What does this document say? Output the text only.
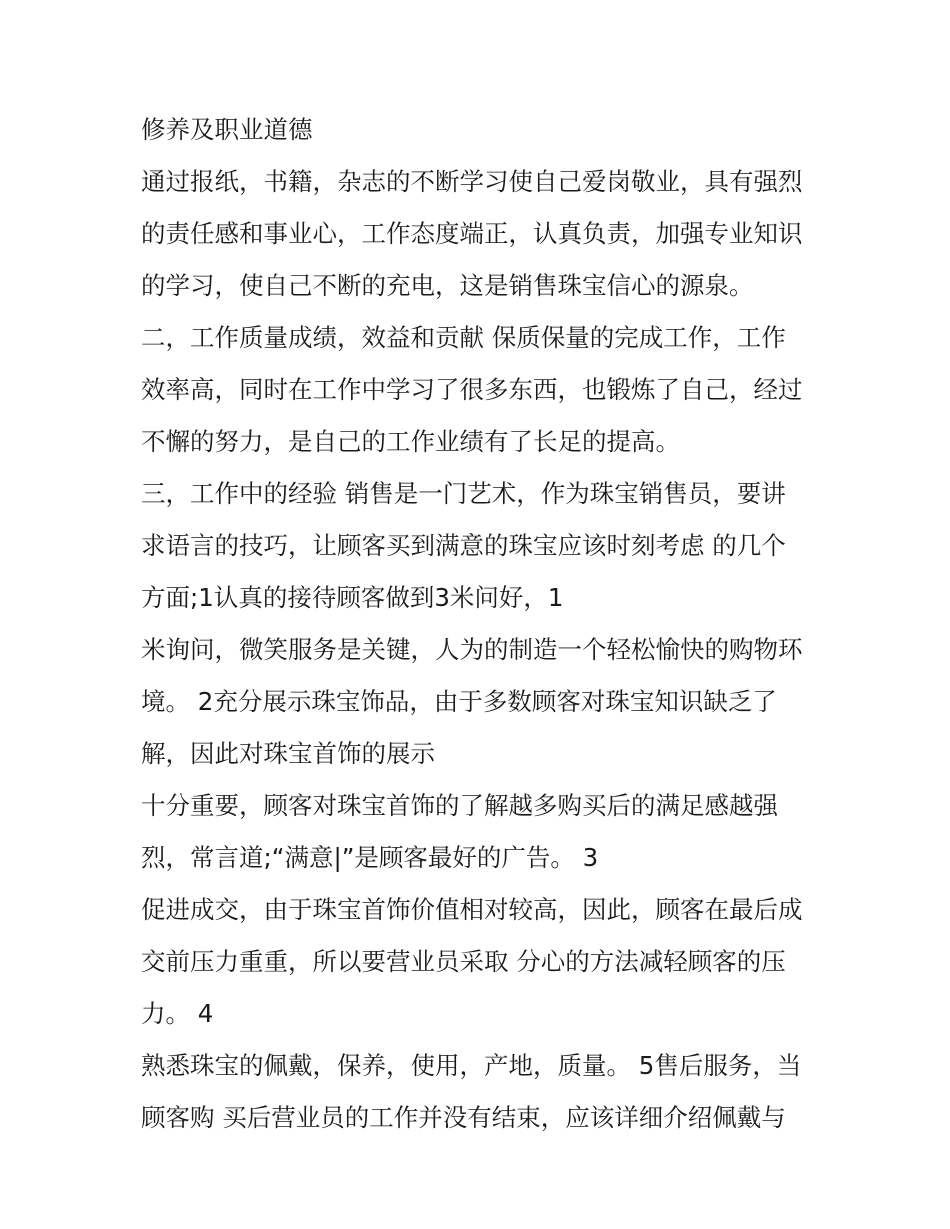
修养及职业道德
通过报纸，书籍，杂志的不断学习使自己爱岗敬业，具有强烈
的责任感和事业心，工作态度端正，认真负责，加强专业知识
的学习，使自己不断的充电，这是销售珠宝信心的源泉。
二，工作质量成绩，效益和贡献 保质保量的完成工作，工作
效率高，同时在工作中学习了很多东西，也锻炼了自己，经过
不懈的努力，是自己的工作业绩有了长足的提高。
三，工作中的经验 销售是一门艺术，作为珠宝销售员，要讲
求语言的技巧，让顾客买到满意的珠宝应该时刻考虑 的几个
方面;1认真的接待顾客做到3米问好，1
米询问，微笑服务是关键，人为的制造一个轻松愉快的购物环
境。 2充分展示珠宝饰品，由于多数顾客对珠宝知识缺乏了
解，因此对珠宝首饰的展示
十分重要，顾客对珠宝首饰的了解越多购买后的满足感越强
烈，常言道;“满意|”是顾客最好的广告。 3
促进成交，由于珠宝首饰价值相对较高，因此，顾客在最后成
交前压力重重，所以要营业员采取 分心的方法减轻顾客的压
力。 4
熟悉珠宝的佩戴，保养，使用，产地，质量。 5售后服务，当
顾客购 买后营业员的工作并没有结束，应该详细介绍佩戴与
